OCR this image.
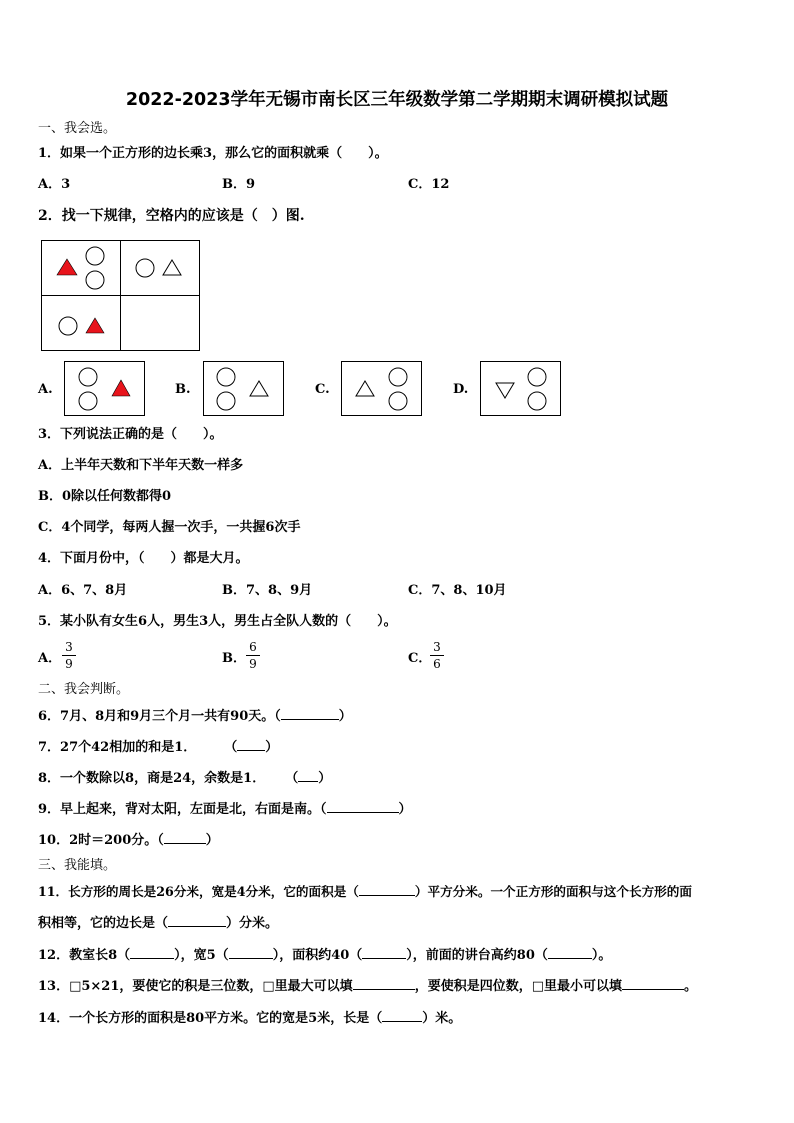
2022-2023学年无锡市南长区三年级数学第二学期期末调研模拟试题
一、我会选。
1．如果一个正方形的边长乘3，那么它的面积就乘（　　）。
A．3	B．9	C．12
2．找一下规律，空格内的应该是（　）图.
A.	B.	C.	D.
3．下列说法正确的是（　　）。
A．上半年天数和下半年天数一样多
B．0除以任何数都得0
C．4个同学，每两人握一次手，一共握6次手
4．下面月份中，（　　）都是大月。
A．6、7、8月	B．7、8、9月	C．7、8、10月
5．某小队有女生6人，男生3人，男生占全队人数的（　　）。
A．
3
9	B．
6
9	C．
3
6
二、我会判断。
6．7月、8月和9月三个月一共有90天。（	）
7．27个42相加的和是1． （ ）
8．一个数除以8，商是24，余数是1． （ ）
9．早上起来，背对太阳，左面是北，右面是南。（	）
10．2时＝200分。（	）
三、我能填。
11．长方形的周长是26分米，宽是4分米，它的面积是（	）平方分米。一个正方形的面积与这个长方形的面
积相等，它的边长是（	）分米。
12．教室长8（	），宽5（	），面积约40（	），前面的讲台高约80（	）。
13．□5×21，要使它的积是三位数，□里最大可以填	，要使积是四位数，□里最小可以填	。
14．一个长方形的面积是80平方米。它的宽是5米，长是（	）米。
